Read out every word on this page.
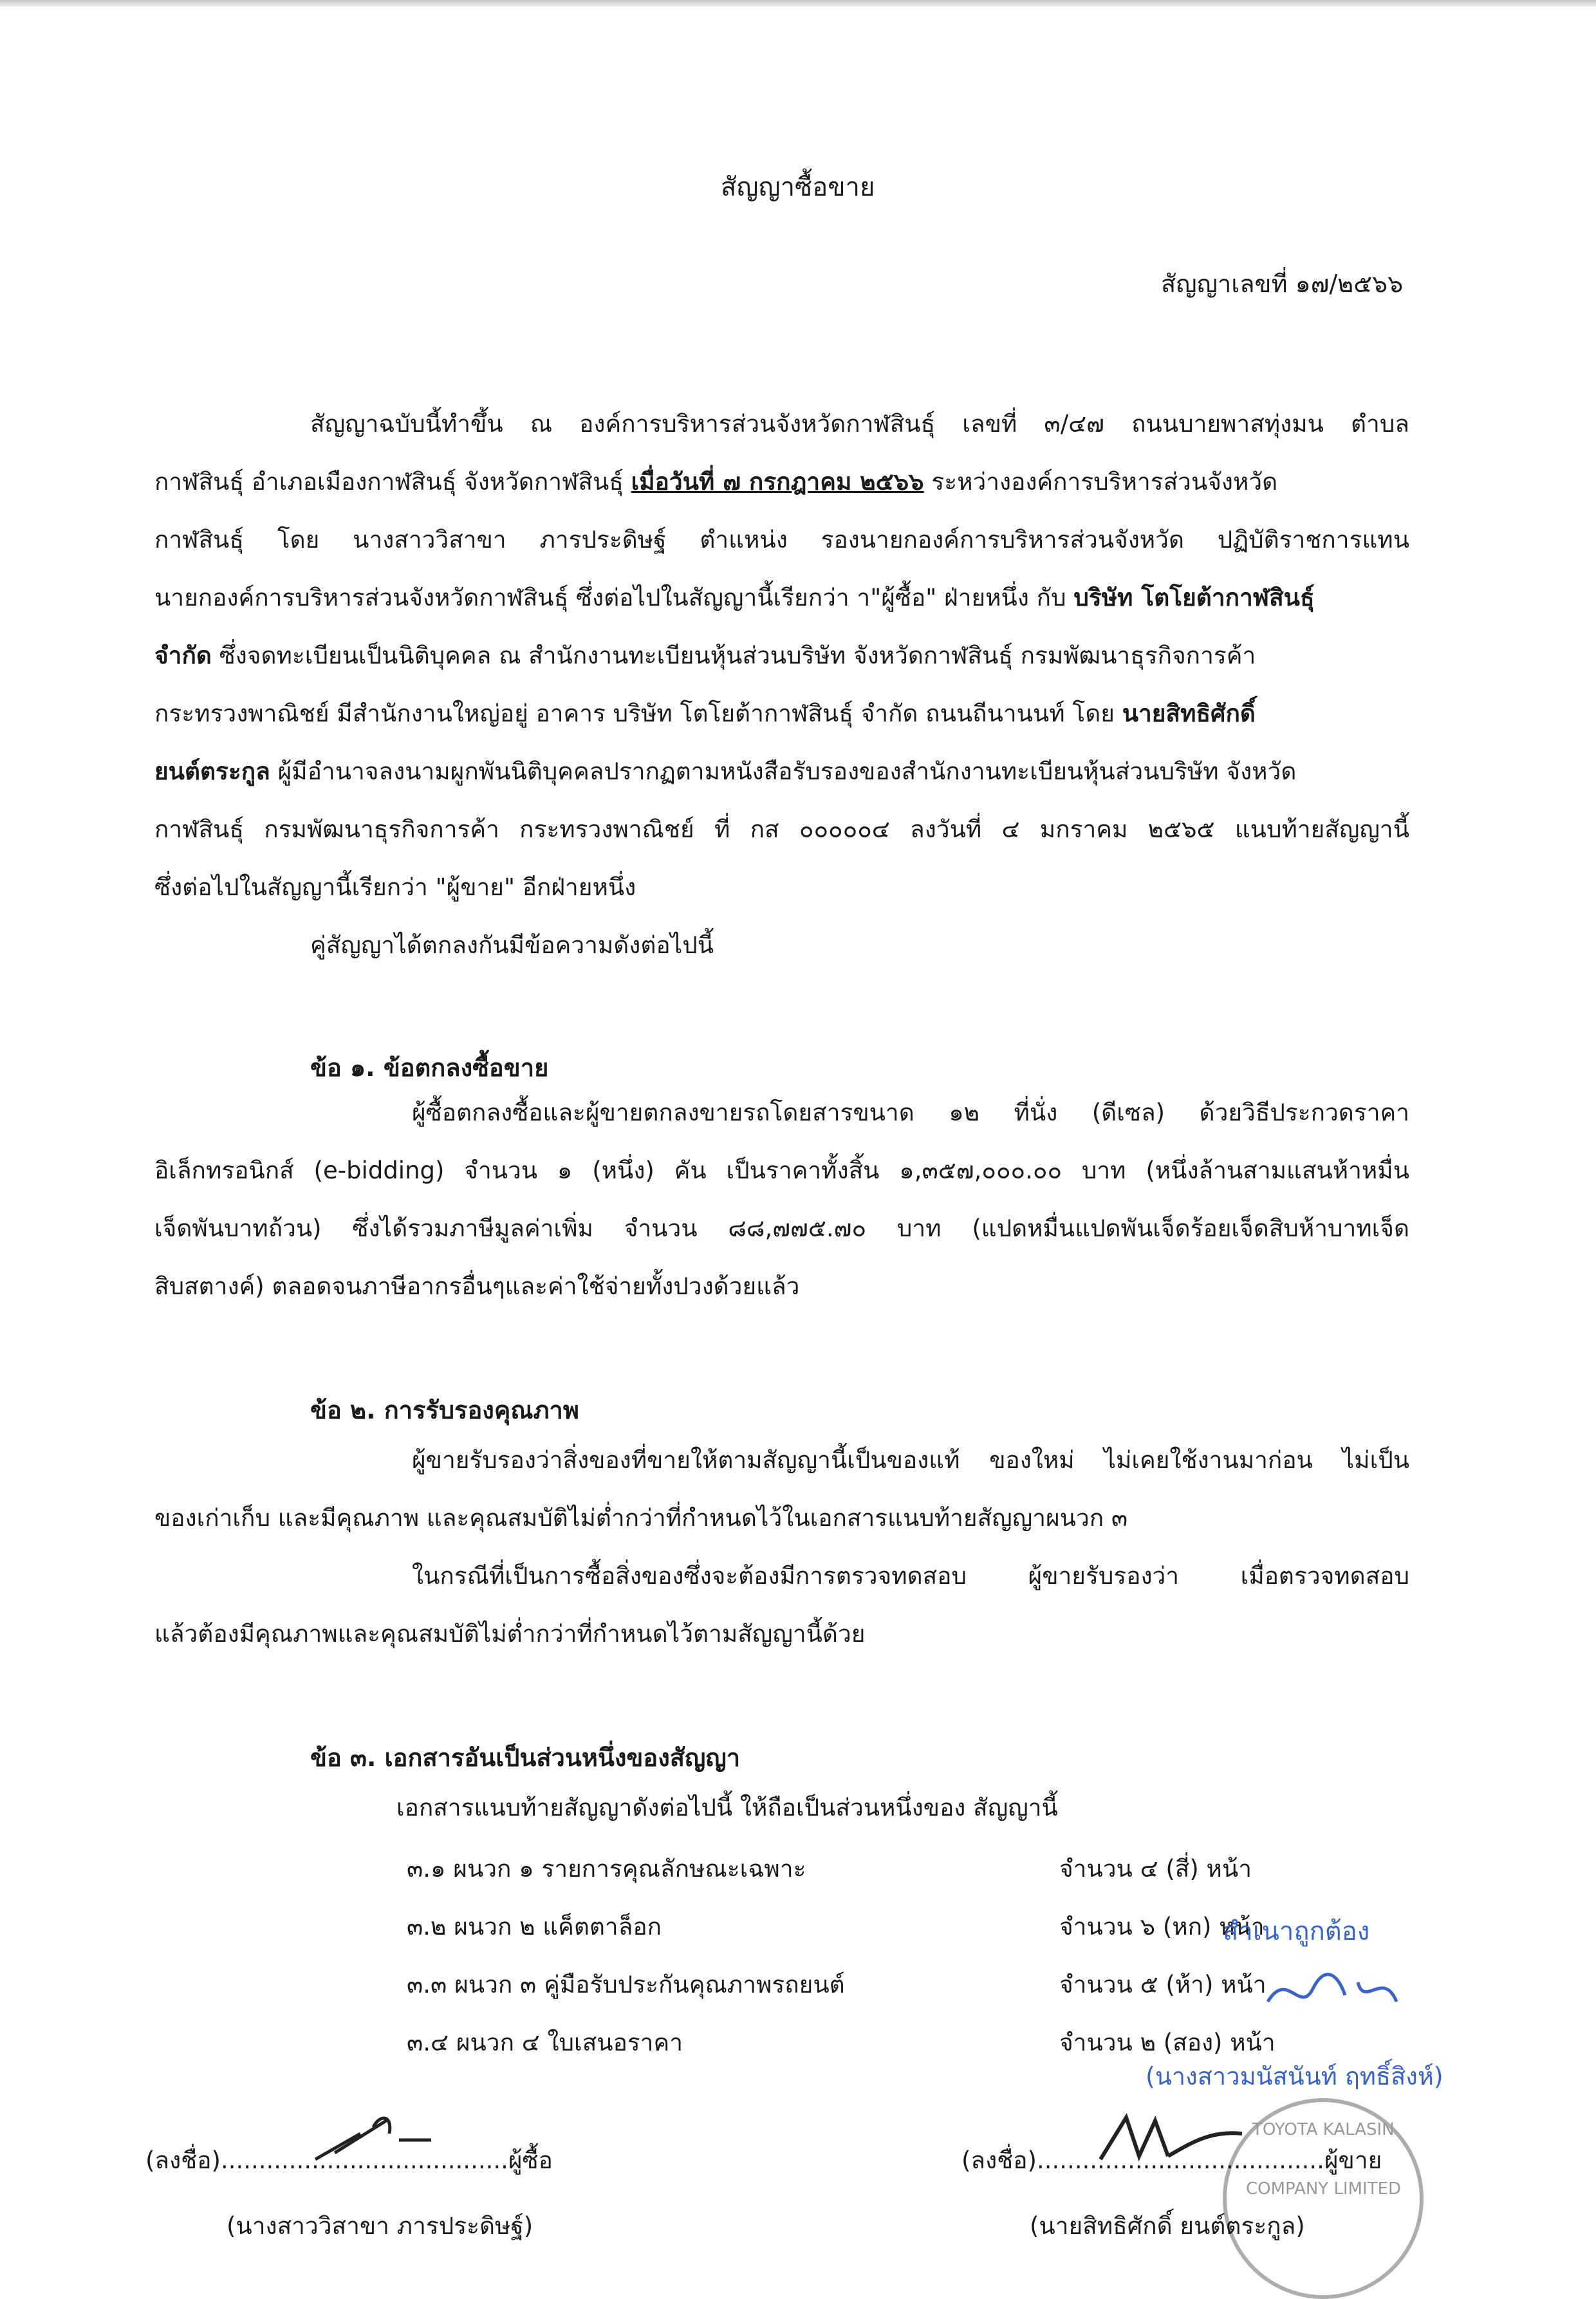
สัญญาซื้อขาย
สัญญาเลขที่ ๑๗/๒๕๖๖
สัญญาฉบับนี้ทำขึ้น ณ องค์การบริหารส่วนจังหวัดกาฬสินธุ์ เลขที่ ๓/๔๗ ถนนบายพาสทุ่งมน ตำบล
กาฬสินธุ์ อำเภอเมืองกาฬสินธุ์ จังหวัดกาฬสินธุ์ เมื่อวันที่ ๗ กรกฎาคม ๒๕๖๖ ระหว่างองค์การบริหารส่วนจังหวัด
กาฬสินธุ์ โดย นางสาววิสาขา ภารประดิษฐ์ ตำแหน่ง รองนายกองค์การบริหารส่วนจังหวัด ปฏิบัติราชการแทน
นายกองค์การบริหารส่วนจังหวัดกาฬสินธุ์ ซึ่งต่อไปในสัญญานี้เรียกว่า า"ผู้ซื้อ" ฝ่ายหนึ่ง กับ บริษัท โตโยต้ากาฬสินธุ์
จำกัด ซึ่งจดทะเบียนเป็นนิติบุคคล ณ สำนักงานทะเบียนหุ้นส่วนบริษัท จังหวัดกาฬสินธุ์ กรมพัฒนาธุรกิจการค้า
กระทรวงพาณิชย์ มีสำนักงานใหญ่อยู่ อาคาร บริษัท โตโยต้ากาฬสินธุ์ จำกัด ถนนถีนานนท์ โดย นายสิทธิศักดิ์
ยนต์ตระกูล ผู้มีอำนาจลงนามผูกพันนิติบุคคลปรากฏตามหนังสือรับรองของสำนักงานทะเบียนหุ้นส่วนบริษัท จังหวัด
กาฬสินธุ์ กรมพัฒนาธุรกิจการค้า กระทรวงพาณิชย์ ที่ กส ๐๐๐๐๐๔ ลงวันที่ ๔ มกราคม ๒๕๖๕ แนบท้ายสัญญานี้
ซึ่งต่อไปในสัญญานี้เรียกว่า "ผู้ขาย" อีกฝ่ายหนึ่ง
คู่สัญญาได้ตกลงกันมีข้อความดังต่อไปนี้
ข้อ ๑. ข้อตกลงซื้อขาย
ผู้ซื้อตกลงซื้อและผู้ขายตกลงขายรถโดยสารขนาด ๑๒ ที่นั่ง (ดีเซล) ด้วยวิธีประกวดราคา
อิเล็กทรอนิกส์ (e-bidding) จำนวน ๑ (หนึ่ง) คัน เป็นราคาทั้งสิ้น ๑,๓๕๗,๐๐๐.๐๐ บาท (หนึ่งล้านสามแสนห้าหมื่น
เจ็ดพันบาทถ้วน) ซึ่งได้รวมภาษีมูลค่าเพิ่ม จำนวน ๘๘,๗๗๕.๗๐ บาท (แปดหมื่นแปดพันเจ็ดร้อยเจ็ดสิบห้าบาทเจ็ด
สิบสตางค์) ตลอดจนภาษีอากรอื่นๆและค่าใช้จ่ายทั้งปวงด้วยแล้ว
ข้อ ๒. การรับรองคุณภาพ
ผู้ขายรับรองว่าสิ่งของที่ขายให้ตามสัญญานี้เป็นของแท้ ของใหม่ ไม่เคยใช้งานมาก่อน ไม่เป็น
ของเก่าเก็บ และมีคุณภาพ และคุณสมบัติไม่ต่ำกว่าที่กำหนดไว้ในเอกสารแนบท้ายสัญญาผนวก ๓
ในกรณีที่เป็นการซื้อสิ่งของซึ่งจะต้องมีการตรวจทดสอบ ผู้ขายรับรองว่า เมื่อตรวจทดสอบ
แล้วต้องมีคุณภาพและคุณสมบัติไม่ต่ำกว่าที่กำหนดไว้ตามสัญญานี้ด้วย
ข้อ ๓. เอกสารอันเป็นส่วนหนึ่งของสัญญา
เอกสารแนบท้ายสัญญาดังต่อไปนี้ ให้ถือเป็นส่วนหนึ่งของ สัญญานี้
๓.๑ ผนวก ๑ รายการคุณลักษณะเฉพาะ	จำนวน ๔ (สี่) หน้า
๓.๒ ผนวก ๒ แค็ตตาล็อก	จำนวน ๖ (หก) หน้า
๓.๓ ผนวก ๓ คู่มือรับประกันคุณภาพรถยนต์	จำนวน ๕ (ห้า) หน้า
๓.๔ ผนวก ๔ ใบเสนอราคา	จำนวน ๒ (สอง) หน้า
สำเนาถูกต้อง
(นางสาวมนัสนันท์ ฤทธิ์สิงห์)
TOYOTA KALASIN
COMPANY LIMITED
(ลงชื่อ)......................................ผู้ซื้อ
(นางสาววิสาขา ภารประดิษฐ์)
(ลงชื่อ)......................................ผู้ขาย
(นายสิทธิศักดิ์ ยนต์ตระกูล)
